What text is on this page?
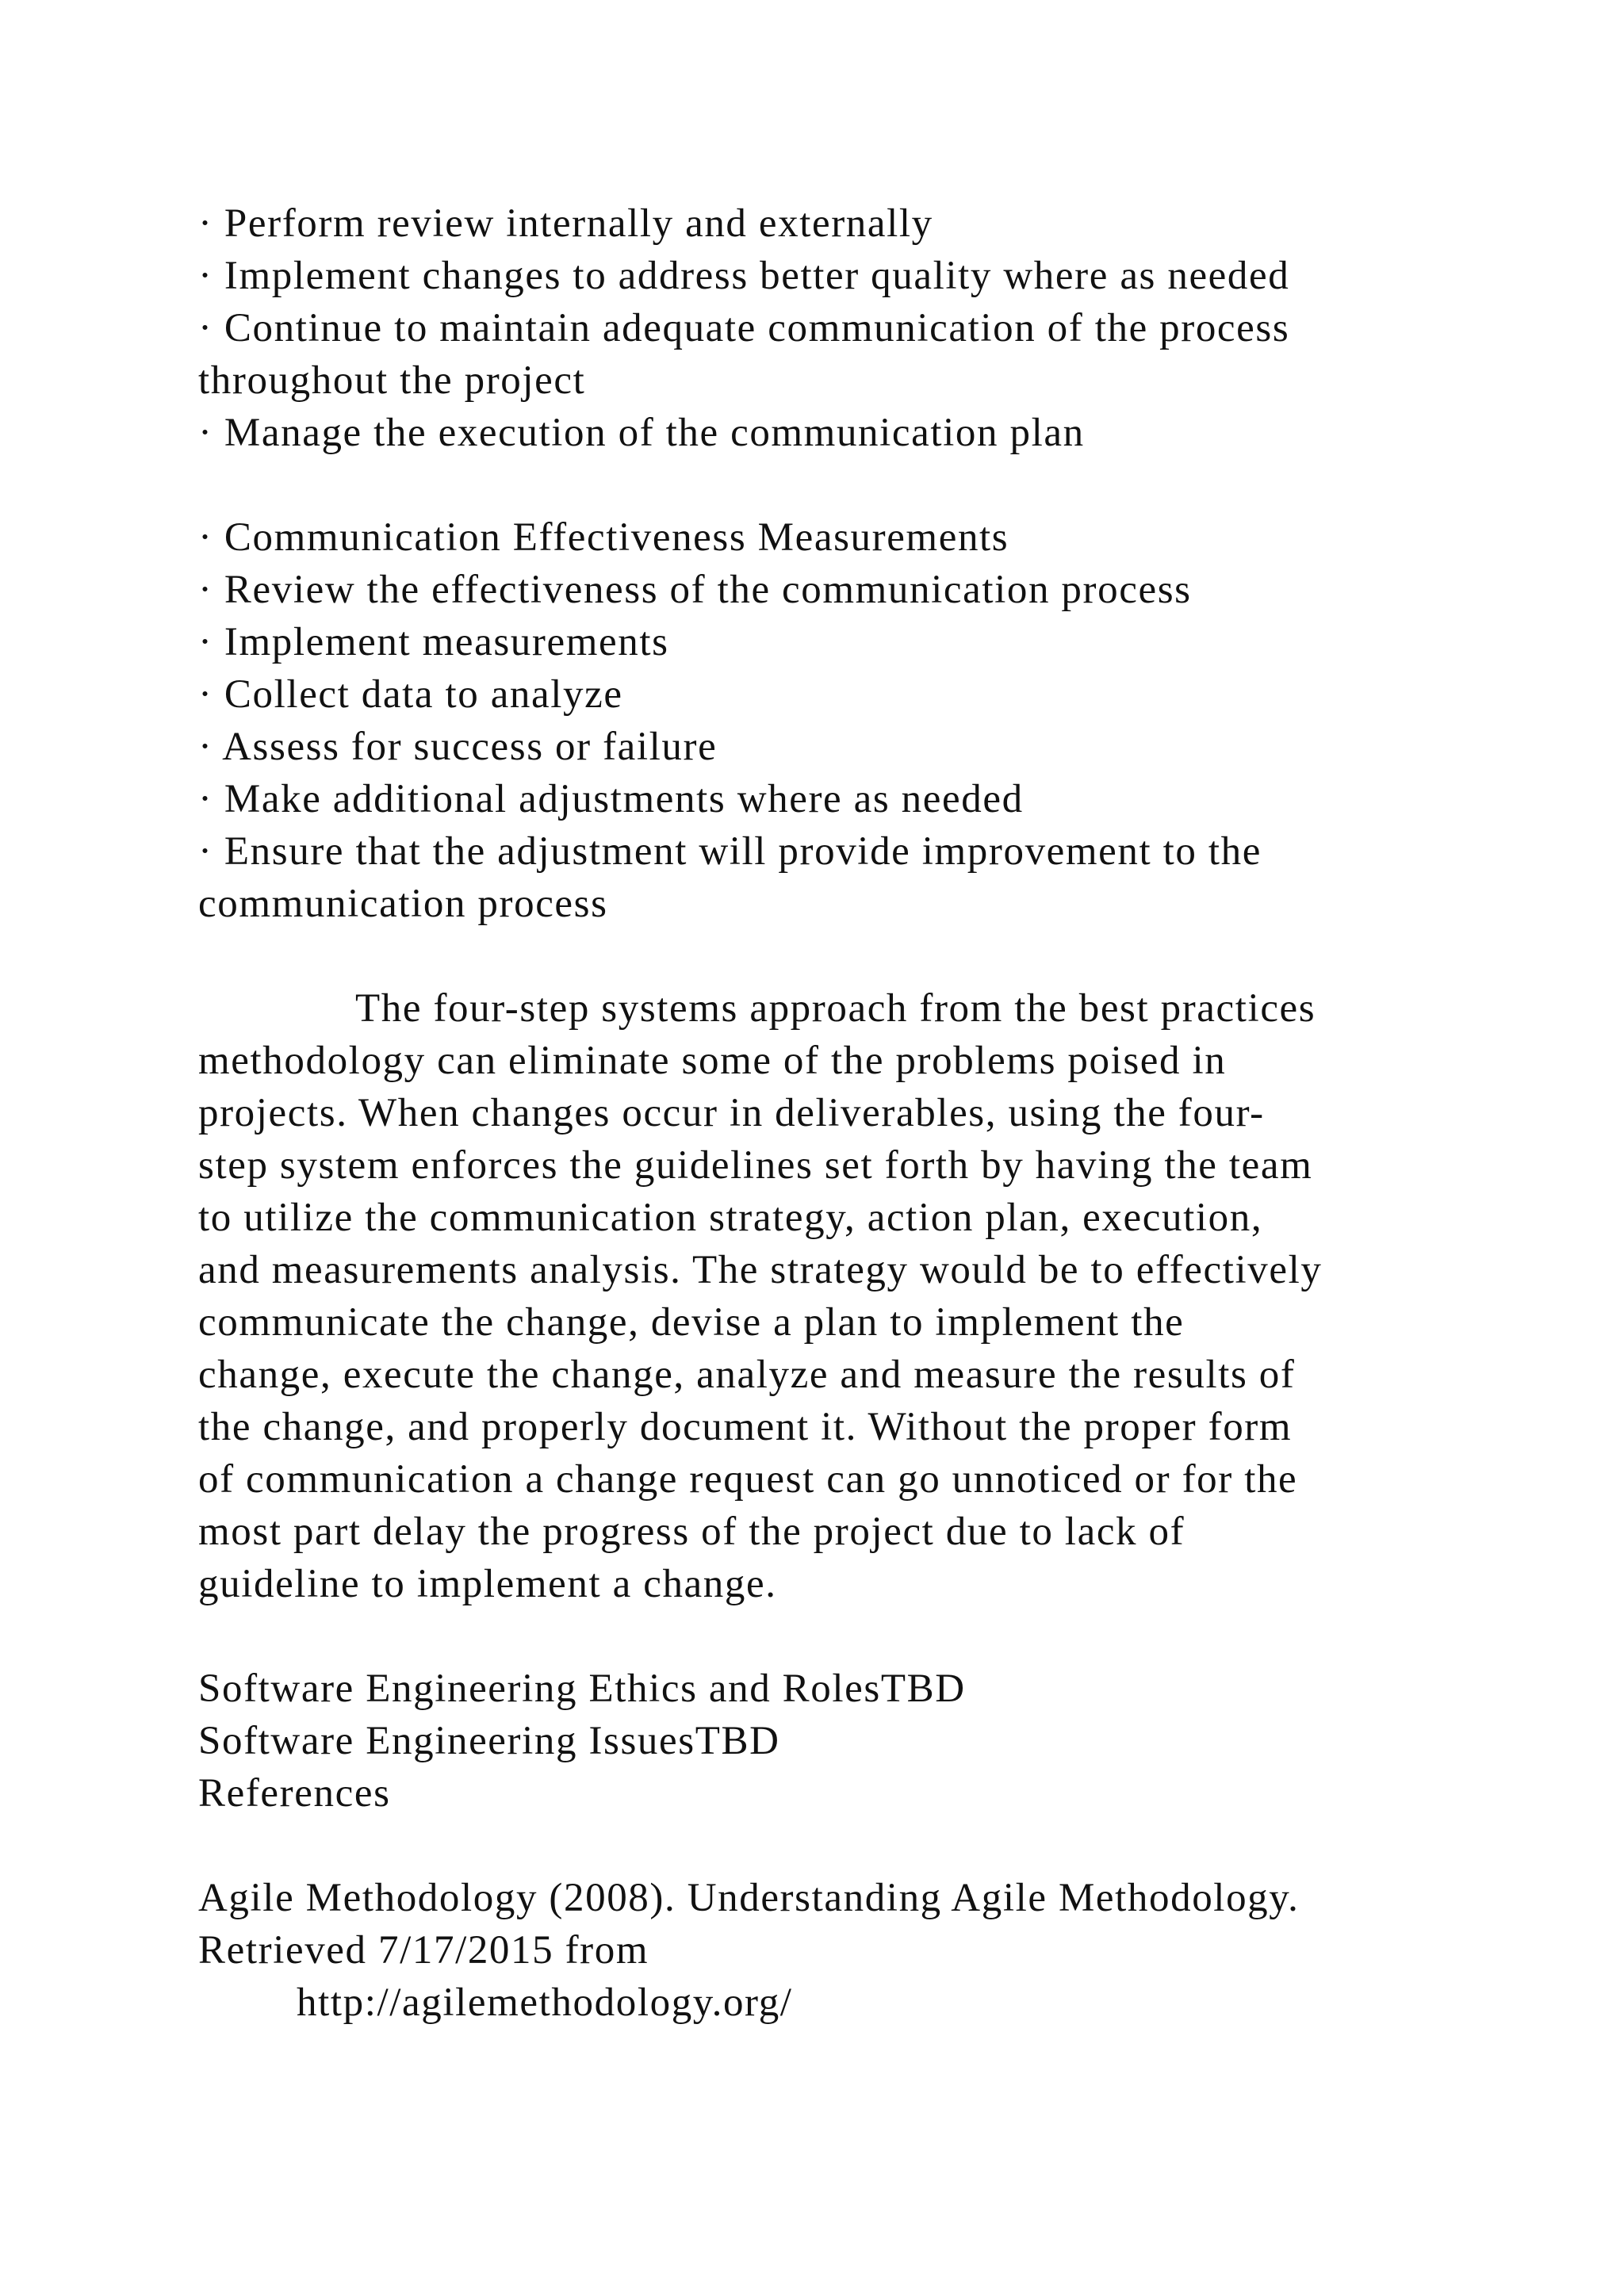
· Perform review internally and externally
· Implement changes to address better quality where as needed
· Continue to maintain adequate communication of the process
throughout the project
· Manage the execution of the communication plan
· Communication Effectiveness Measurements
· Review the effectiveness of the communication process
· Implement measurements
· Collect data to analyze
· Assess for success or failure
· Make additional adjustments where as needed
· Ensure that the adjustment will provide improvement to the
communication process
The four-step systems approach from the best practices
methodology can eliminate some of the problems poised in
projects. When changes occur in deliverables, using the four-
step system enforces the guidelines set forth by having the team
to utilize the communication strategy, action plan, execution,
and measurements analysis. The strategy would be to effectively
communicate the change, devise a plan to implement the
change, execute the change, analyze and measure the results of
the change, and properly document it. Without the proper form
of communication a change request can go unnoticed or for the
most part delay the progress of the project due to lack of
guideline to implement a change.
Software Engineering Ethics and RolesTBD
Software Engineering IssuesTBD
References
Agile Methodology (2008). Understanding Agile Methodology.
Retrieved 7/17/2015 from
http://agilemethodology.org/
